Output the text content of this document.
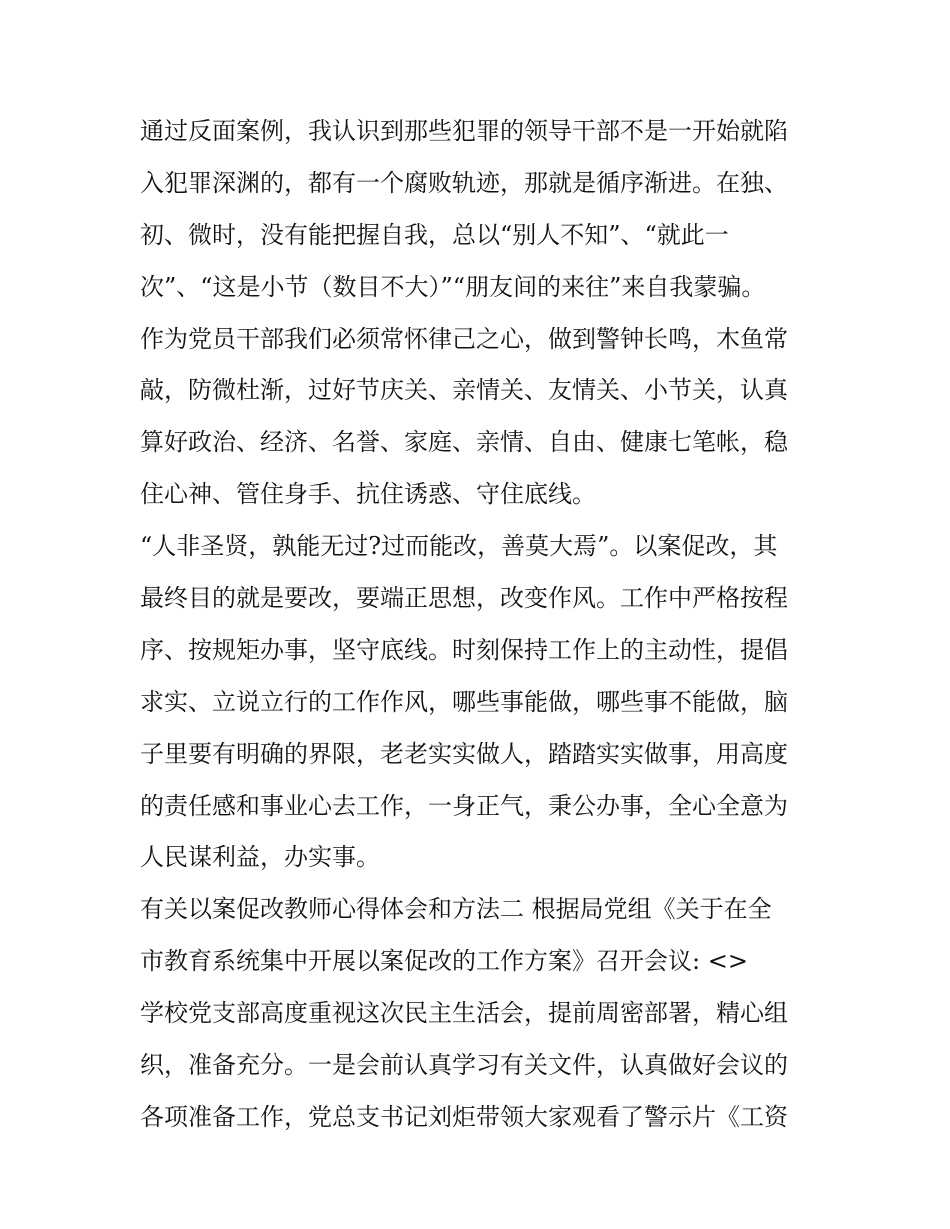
通过反面案例，我认识到那些犯罪的领导干部不是一开始就陷
入犯罪深渊的，都有一个腐败轨迹，那就是循序渐进。在独、
初、微时，没有能把握自我，总以“别人不知”、“就此一
次”、“这是小节（数目不大）”“朋友间的来往”来自我蒙骗。
作为党员干部我们必须常怀律己之心，做到警钟长鸣，木鱼常
敲，防微杜渐，过好节庆关、亲情关、友情关、小节关，认真
算好政治、经济、名誉、家庭、亲情、自由、健康七笔帐，稳
住心神、管住身手、抗住诱惑、守住底线。
“人非圣贤，孰能无过?过而能改，善莫大焉”。以案促改，其
最终目的就是要改，要端正思想，改变作风。工作中严格按程
序、按规矩办事，坚守底线。时刻保持工作上的主动性，提倡
求实、立说立行的工作作风，哪些事能做，哪些事不能做，脑
子里要有明确的界限，老老实实做人，踏踏实实做事，用高度
的责任感和事业心去工作，一身正气，秉公办事，全心全意为
人民谋利益，办实事。
有关以案促改教师心得体会和方法二 根据局党组《关于在全
市教育系统集中开展以案促改的工作方案》召开会议: <>
学校党支部高度重视这次民主生活会，提前周密部署，精心组
织，准备充分。一是会前认真学习有关文件，认真做好会议的
各项准备工作，党总支书记刘炬带领大家观看了警示片《工资
